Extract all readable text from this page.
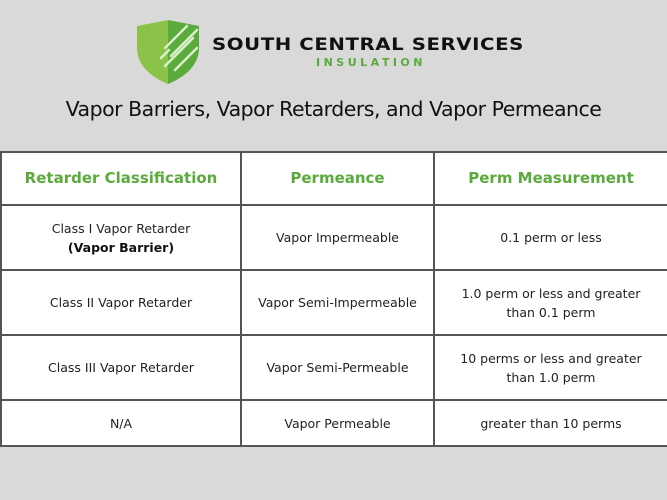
SOUTH CENTRAL SERVICES
INSULATION
Vapor Barriers, Vapor Retarders, and Vapor Permeance
Retarder Classification	Permeance	Perm Measurement

Class I Vapor Retarder
(Vapor Barrier)	Vapor Impermeable	0.1 perm or less
Class II Vapor Retarder	Vapor Semi-Impermeable	1.0 perm or less and greater than 0.1 perm
Class III Vapor Retarder	Vapor Semi-Permeable	10 perms or less and greater than 1.0 perm
N/A	Vapor Permeable	greater than 10 perms
